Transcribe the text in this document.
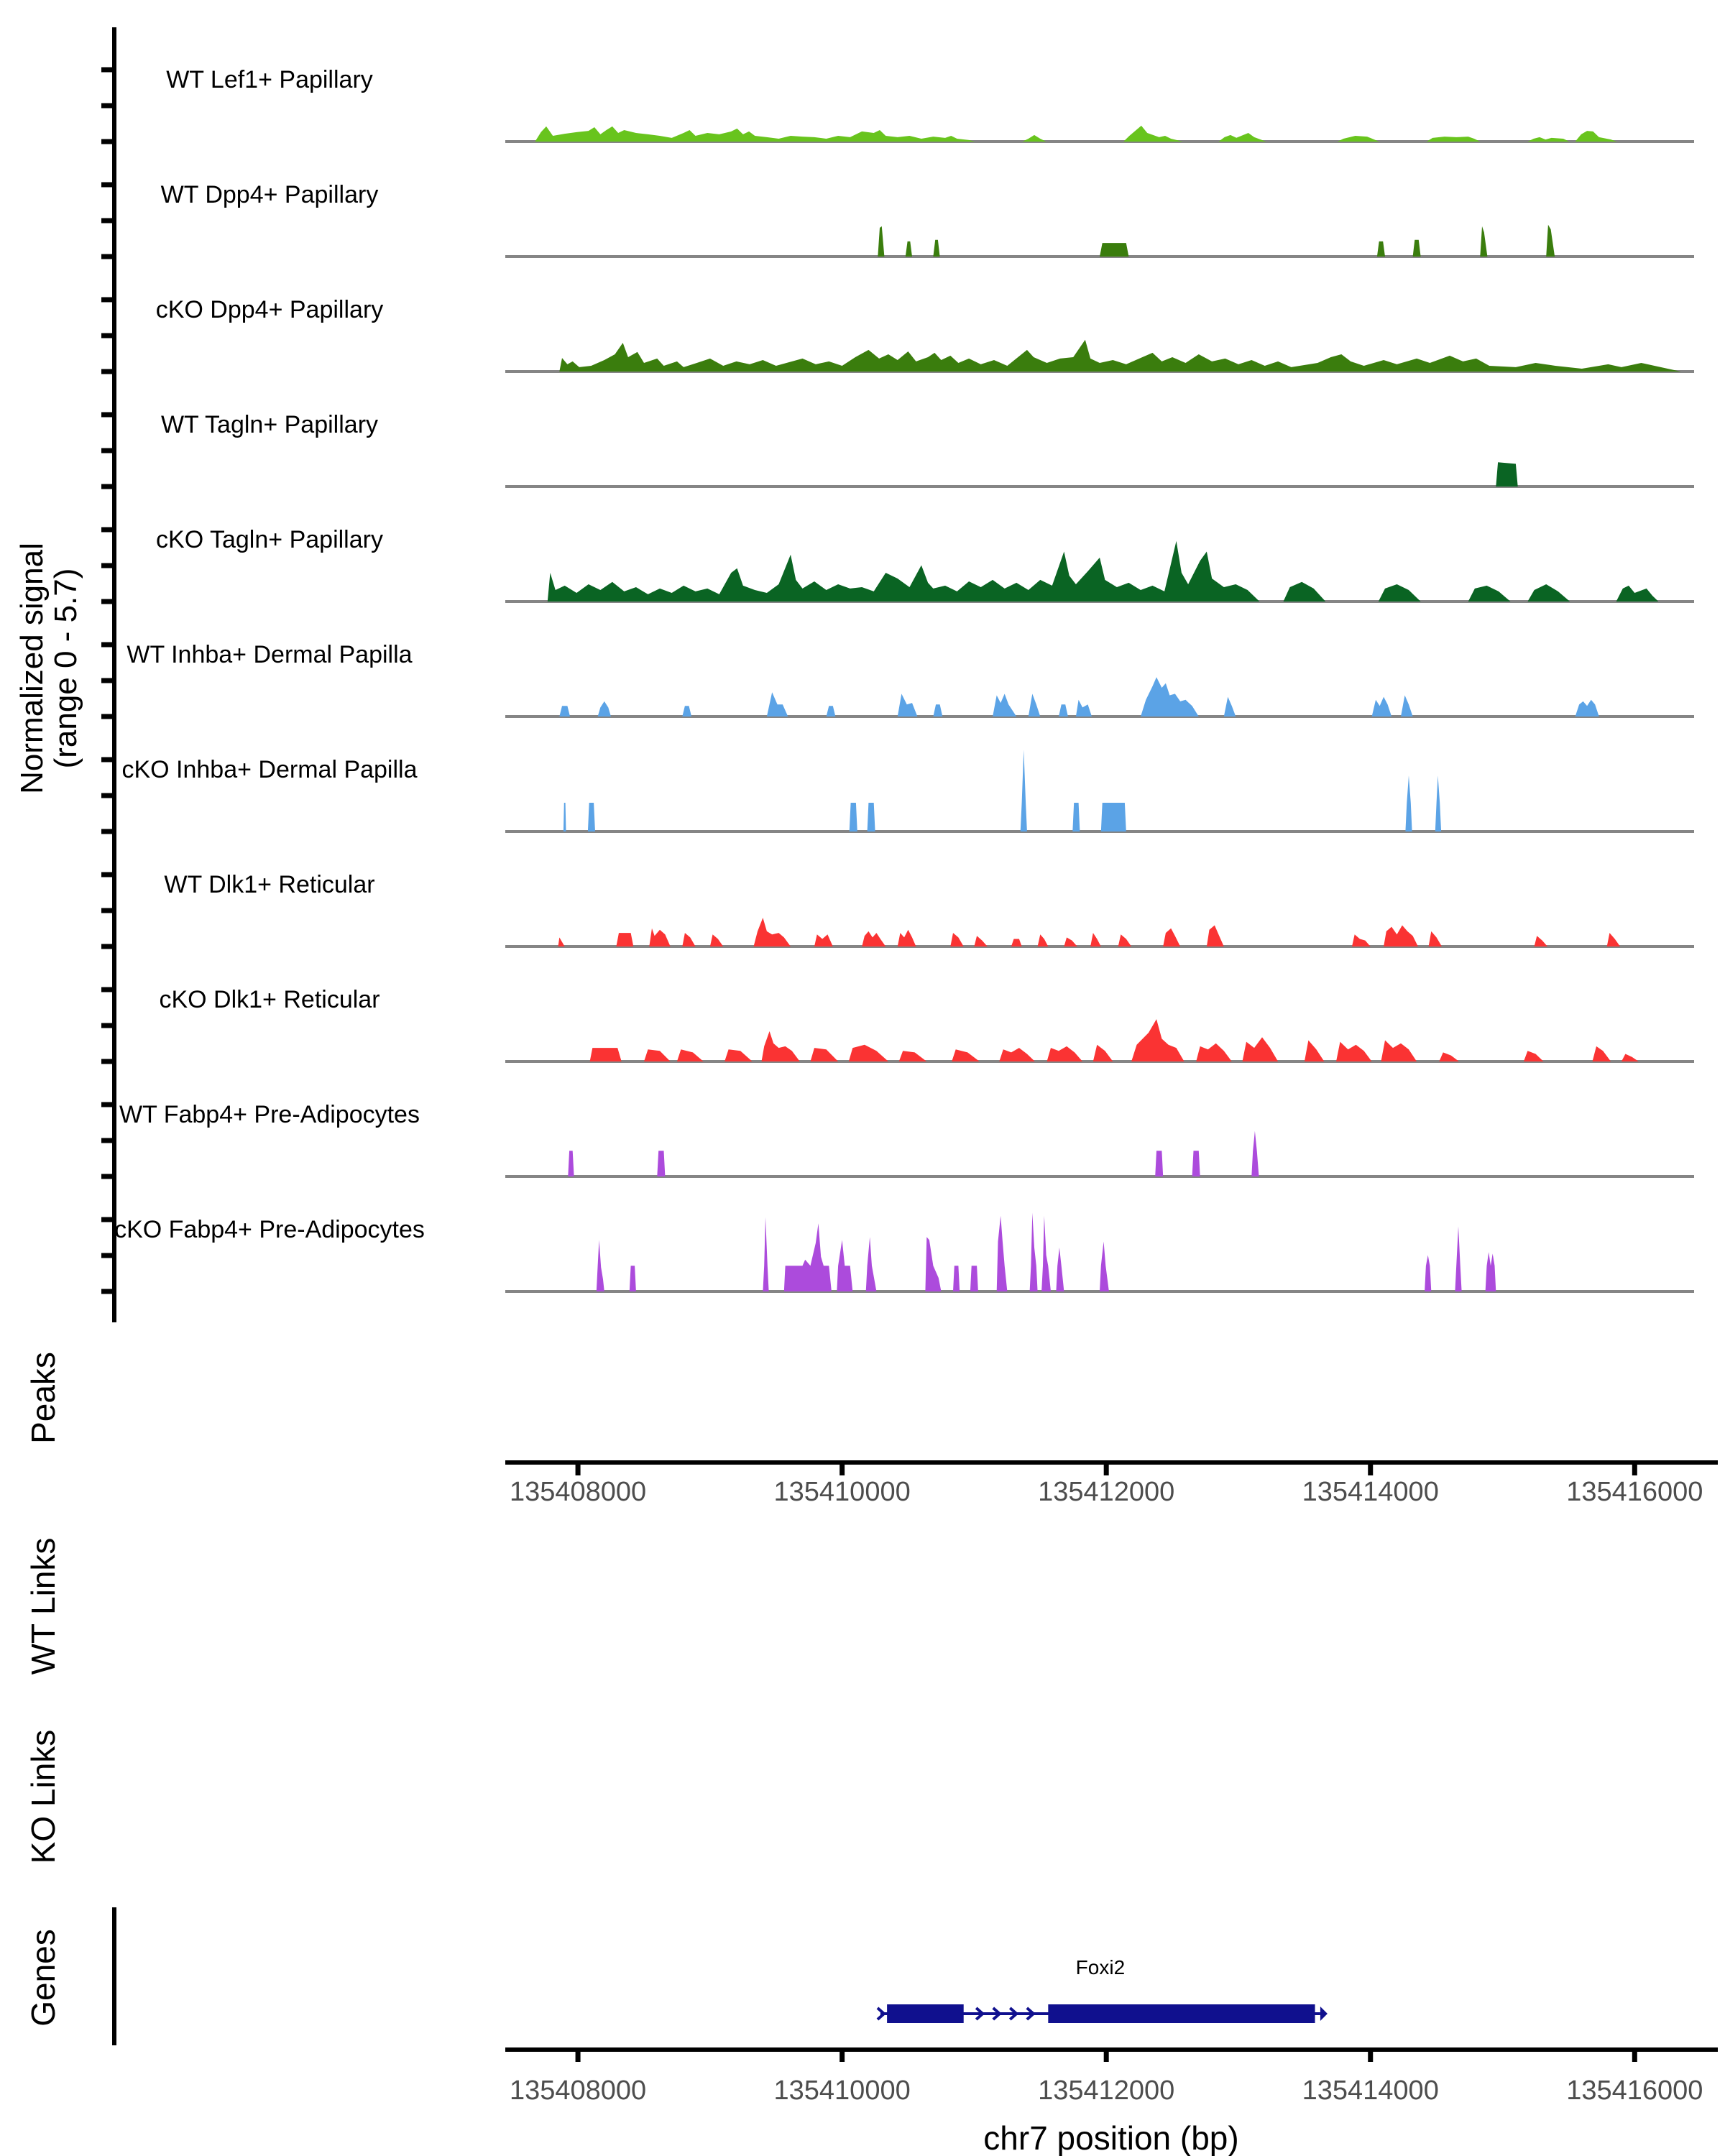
Normalized signal
(range 0 - 5.7)
WT Lef1+ Papillary
WT Dpp4+ Papillary
cKO Dpp4+ Papillary
WT Tagln+ Papillary
cKO Tagln+ Papillary
WT Inhba+ Dermal Papilla
cKO Inhba+ Dermal Papilla
WT Dlk1+ Reticular
cKO Dlk1+ Reticular
WT Fabp4+ Pre-Adipocytes
cKO Fabp4+ Pre-Adipocytes
Peaks
WT Links
KO Links
Genes
135408000	135410000	135412000	135414000	135416000
135408000	135410000	135412000	135414000	135416000
Foxi2
chr7 position (bp)
